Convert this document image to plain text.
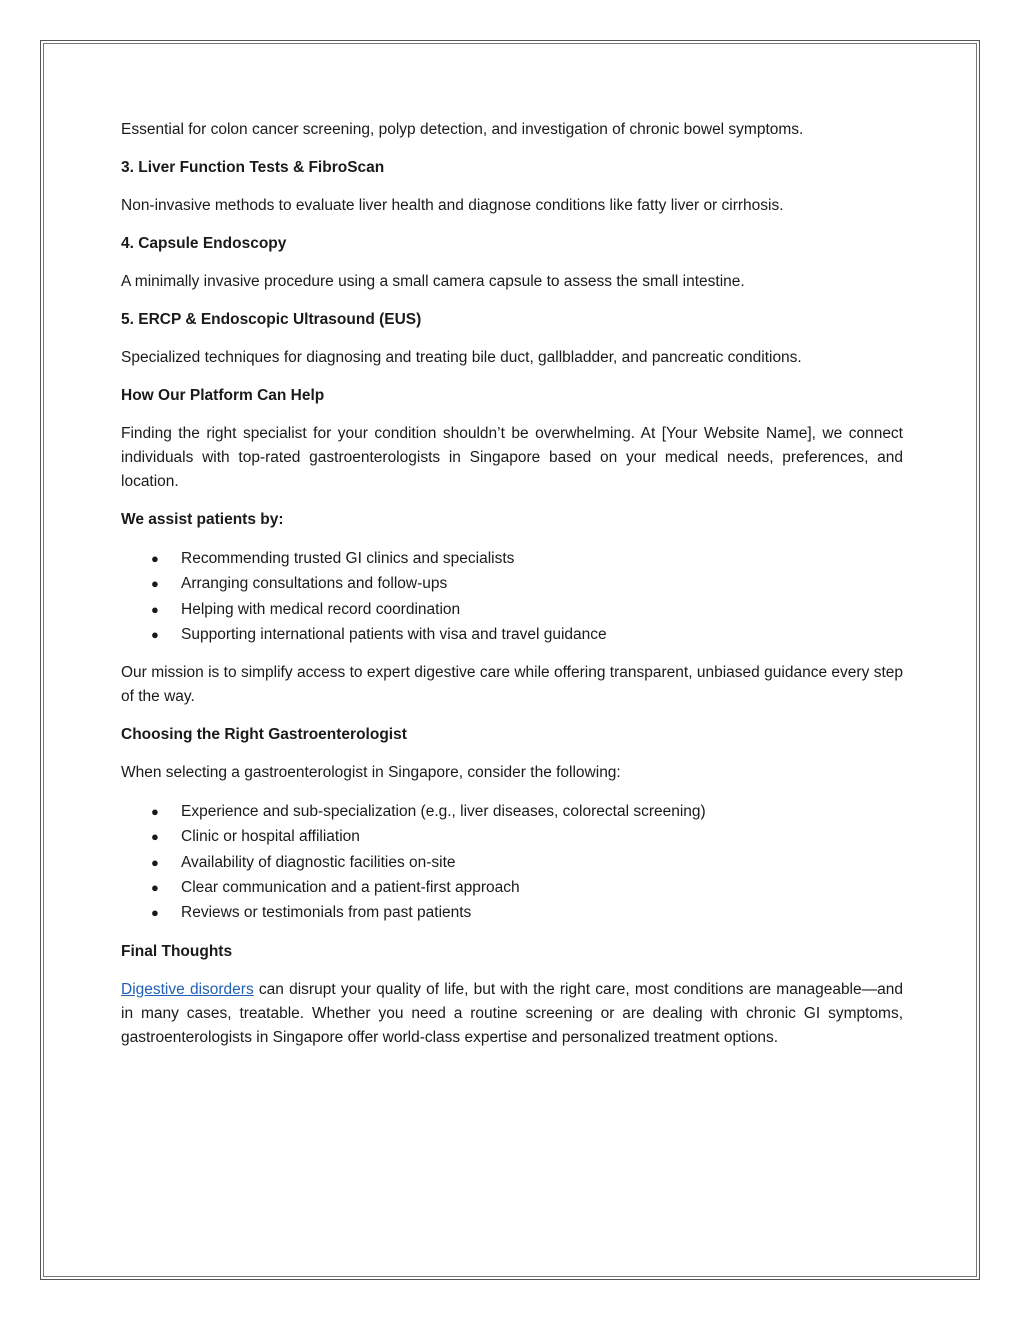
Essential for colon cancer screening, polyp detection, and investigation of chronic bowel symptoms.

3. Liver Function Tests & FibroScan

Non-invasive methods to evaluate liver health and diagnose conditions like fatty liver or cirrhosis.

4. Capsule Endoscopy

A minimally invasive procedure using a small camera capsule to assess the small intestine.

5. ERCP & Endoscopic Ultrasound (EUS)

Specialized techniques for diagnosing and treating bile duct, gallbladder, and pancreatic conditions.

How Our Platform Can Help

Finding the right specialist for your condition shouldn’t be overwhelming. At [Your Website Name], we connect individuals with top-rated gastroenterologists in Singapore based on your medical needs, preferences, and location.

We assist patients by:
● Recommending trusted GI clinics and specialists
● Arranging consultations and follow-ups
● Helping with medical record coordination
● Supporting international patients with visa and travel guidance

Our mission is to simplify access to expert digestive care while offering transparent, unbiased guidance every step of the way.

Choosing the Right Gastroenterologist

When selecting a gastroenterologist in Singapore, consider the following:

● Experience and sub-specialization (e.g., liver diseases, colorectal screening)
● Clinic or hospital affiliation
● Availability of diagnostic facilities on-site
● Clear communication and a patient-first approach
● Reviews or testimonials from past patients
Final Thoughts

Digestive disorders can disrupt your quality of life, but with the right care, most conditions are manageable—and in many cases, treatable. Whether you need a routine screening or are dealing with chronic GI symptoms, gastroenterologists in Singapore offer world-class expertise and personalized treatment options.
